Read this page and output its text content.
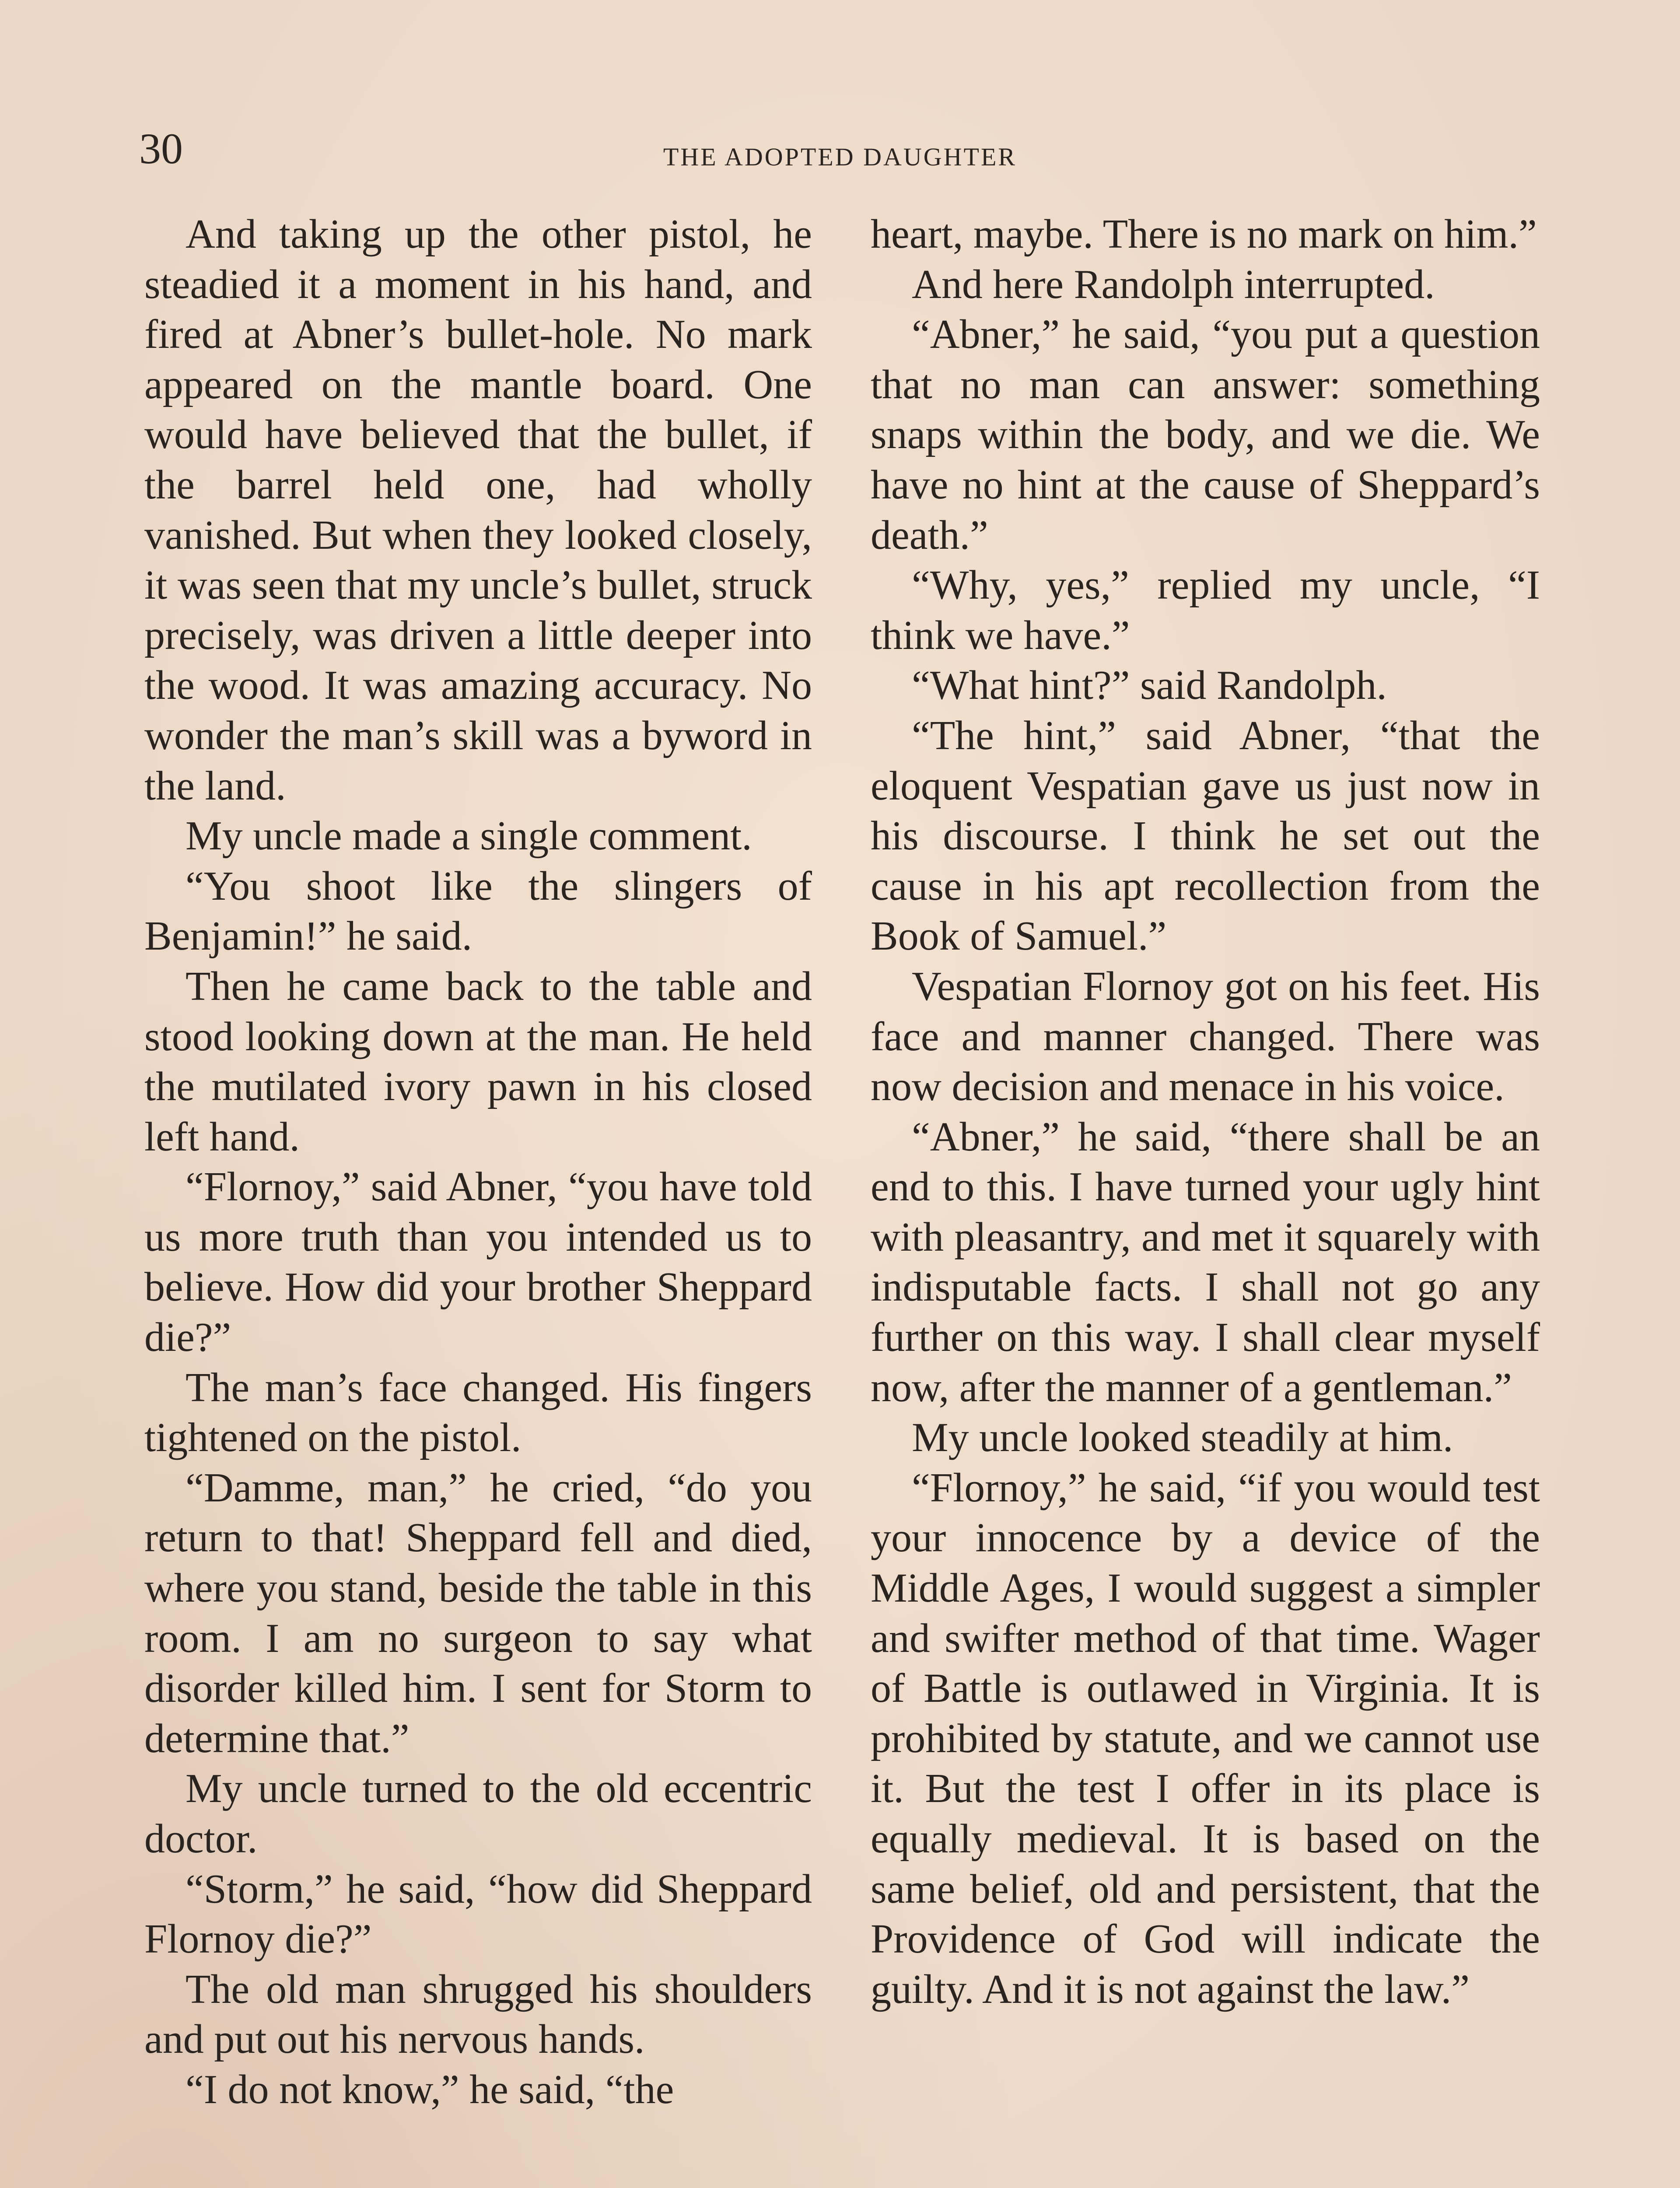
30	THE ADOPTED DAUGHTER

And taking up the other pistol, he steadied it a moment in his hand, and fired at Abner’s bullet-hole. No mark appeared on the mantle board. One would have believed that the bullet, if the barrel held one, had wholly vanished. But when they looked closely, it was seen that my uncle’s bullet, struck precisely, was driven a little deeper into the wood. It was amazing accuracy. No wonder the man’s skill was a byword in the land.

My uncle made a single comment.

“You shoot like the slingers of Benjamin!” he said.

Then he came back to the table and stood looking down at the man. He held the mutilated ivory pawn in his closed left hand.

“Flornoy,” said Abner, “you have told us more truth than you intended us to believe. How did your brother Sheppard die?”

The man’s face changed. His fingers tightened on the pistol.

“Damme, man,” he cried, “do you return to that! Sheppard fell and died, where you stand, beside the table in this room. I am no surgeon to say what disorder killed him. I sent for Storm to determine that.”

My uncle turned to the old eccentric doctor.

“Storm,” he said, “how did Sheppard Flornoy die?”

The old man shrugged his shoulders and put out his nervous hands.

“I do not know,” he said, “the

heart, maybe. There is no mark on him.”

And here Randolph interrupted.

“Abner,” he said, “you put a question that no man can answer: something snaps within the body, and we die. We have no hint at the cause of Sheppard’s death.”

“Why, yes,” replied my uncle, “I think we have.”

“What hint?” said Randolph.

“The hint,” said Abner, “that the eloquent Vespatian gave us just now in his discourse. I think he set out the cause in his apt recollection from the Book of Samuel.”

Vespatian Flornoy got on his feet. His face and manner changed. There was now decision and menace in his voice.

“Abner,” he said, “there shall be an end to this. I have turned your ugly hint with pleasantry, and met it squarely with indisputable facts. I shall not go any further on this way. I shall clear myself now, after the manner of a gentleman.”

My uncle looked steadily at him.

“Flornoy,” he said, “if you would test your innocence by a device of the Middle Ages, I would suggest a simpler and swifter method of that time. Wager of Battle is outlawed in Virginia. It is prohibited by statute, and we cannot use it. But the test I offer in its place is equally medieval. It is based on the same belief, old and persistent, that the Providence of God will indicate the guilty. And it is not against the law.”
